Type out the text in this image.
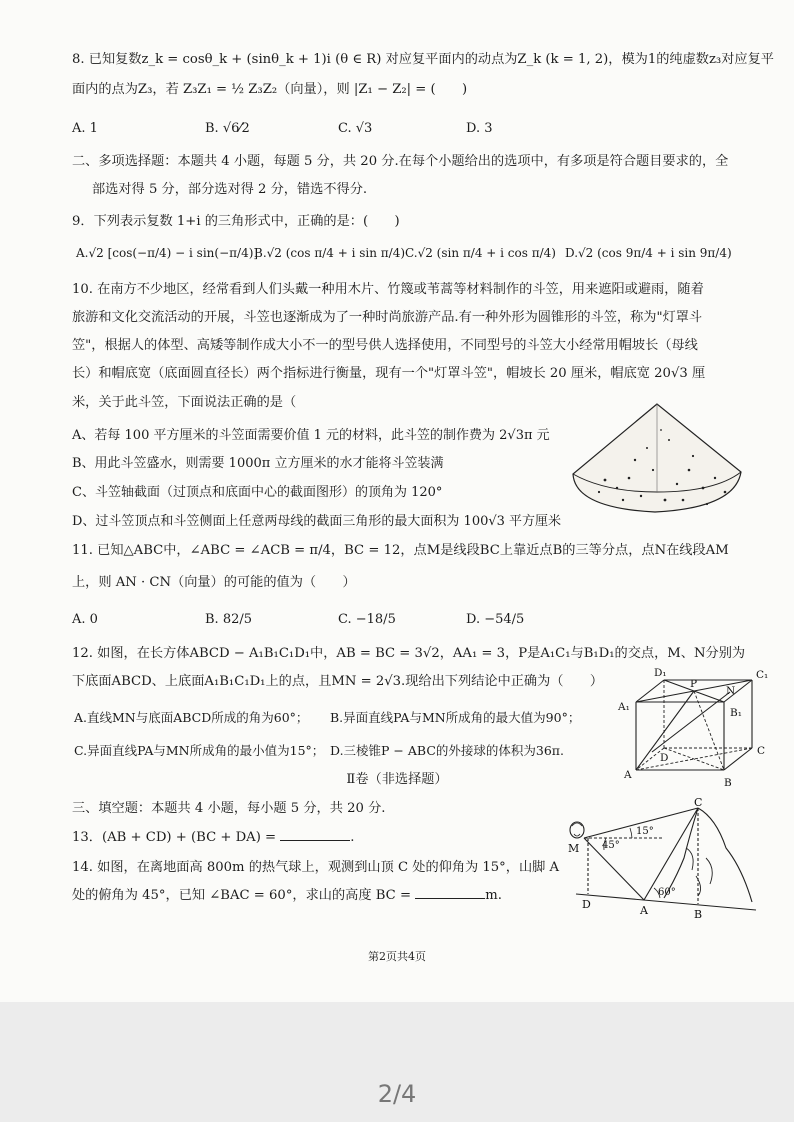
8. 已知复数z_k = cosθ_k + (sinθ_k + 1)i (θ ∈ R) 对应复平面内的动点为Z_k (k = 1, 2)，模为1的纯虚数z₃对应复平
面内的点为Z₃，若 Z₃Z₁ = ½ Z₃Z₂（向量），则 |Z₁ − Z₂| = (　　)
A. 1	B. √6⁄2	C. √3	D. 3
二、多项选择题：本题共 4 小题，每题 5 分，共 20 分.在每个小题给出的选项中，有多项是符合题目要求的，全
部选对得 5 分，部分选对得 2 分，错选不得分.
9．下列表示复数 1+i 的三角形式中，正确的是：(　　)
A.√2 [cos(−π/4) − i sin(−π/4)]
B.√2 (cos π/4 + i sin π/4) C.√2 (sin π/4 + i cos π/4) D.√2 (cos 9π/4 + i sin 9π/4)
10. 在南方不少地区，经常看到人们头戴一种用木片、竹篾或苇蒿等材料制作的斗笠，用来遮阳或避雨，随着
旅游和文化交流活动的开展，斗笠也逐渐成为了一种时尚旅游产品.有一种外形为圆锥形的斗笠，称为"灯罩斗
笠"，根据人的体型、高矮等制作成大小不一的型号供人选择使用，不同型号的斗笠大小经常用帽坡长（母线
长）和帽底宽（底面圆直径长）两个指标进行衡量，现有一个"灯罩斗笠"，帽坡长 20 厘米，帽底宽 20√3 厘
米，关于此斗笠，下面说法正确的是（
A、若每 100 平方厘米的斗笠面需要价值 1 元的材料，此斗笠的制作费为 2√3π 元
B、用此斗笠盛水，则需要 1000π 立方厘米的水才能将斗笠装满
C、斗笠轴截面（过顶点和底面中心的截面图形）的顶角为 120°
D、过斗笠顶点和斗笠侧面上任意两母线的截面三角形的最大面积为 100√3 平方厘米
11. 已知△ABC中，∠ABC = ∠ACB = π/4，BC = 12，点M是线段BC上靠近点B的三等分点，点N在线段AM
上，则 AN · CN（向量）的可能的值为（　　）
A. 0	B. 82/5	C. −18/5	D. −54/5
12. 如图，在长方体ABCD − A₁B₁C₁D₁中，AB = BC = 3√2，AA₁ = 3，P是A₁C₁与B₁D₁的交点，M、N分别为
下底面ABCD、上底面A₁B₁C₁D₁上的点，且MN = 2√3.现给出下列结论中正确为（　　）
A.直线MN与底面ABCD所成的角为60°； B.异面直线PA与MN所成角的最大值为90°；
C.异面直线PA与MN所成角的最小值为15°； D.三棱锥P − ABC的外接球的体积为36π.
D₁
P
C₁
N
A₁	B₁
D
C
A
B
Ⅱ卷（非选择题）
三、填空题：本题共 4 小题，每小题 5 分，共 20 分.
13．(AB + CD) + (BC + DA) =	.
14. 如图，在离地面高 800m 的热气球上，观测到山顶 C 处的仰角为 15°，山脚 A
处的俯角为 45°，已知 ∠BAC = 60°，求山的高度 BC =	m.
C
M 45°
15°
60°
D	A	B
第2页共4页
2/4
